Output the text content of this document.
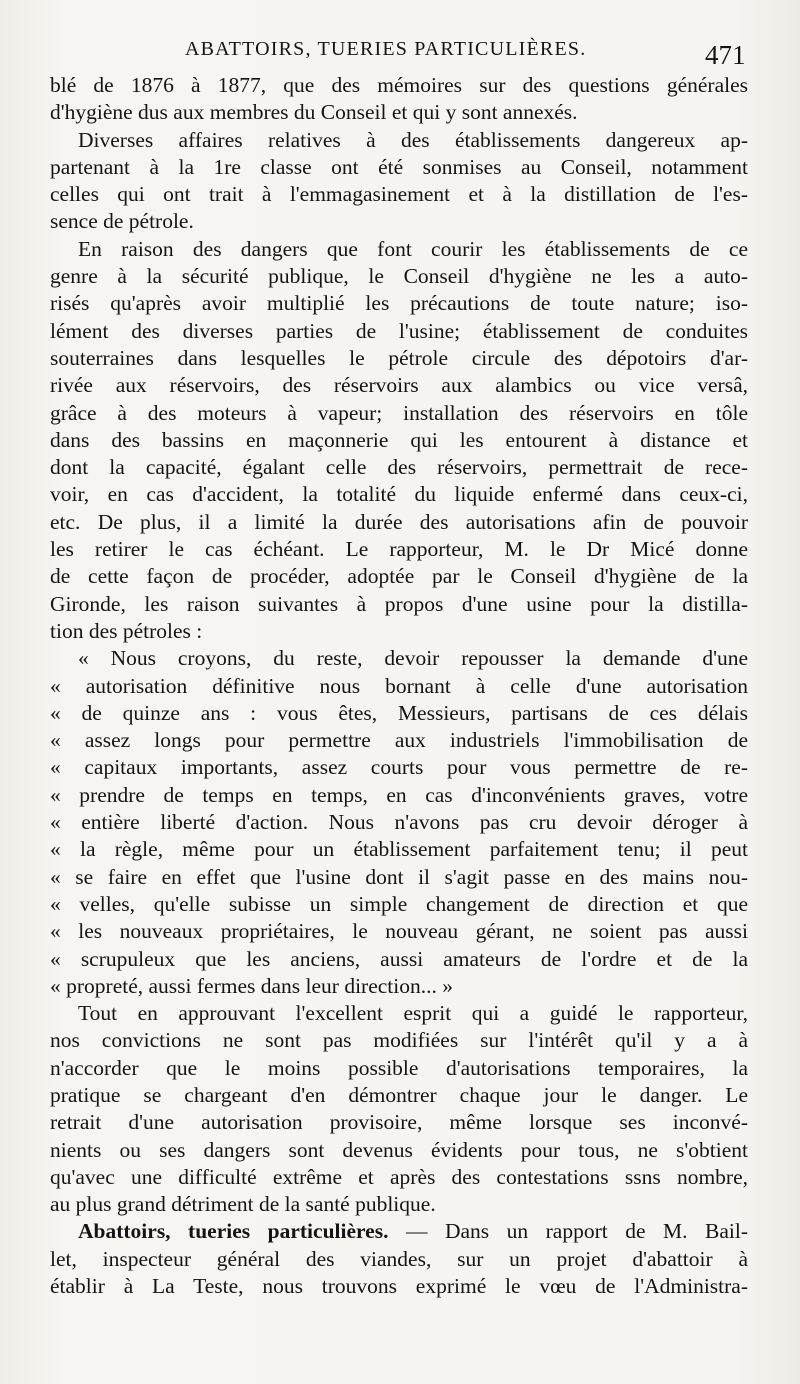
ABATTOIRS, TUERIES PARTICULIÈRES.	471
blé de 1876 à 1877, que des mémoires sur des questions générales
d'hygiène dus aux membres du Conseil et qui y sont annexés.
Diverses affaires relatives à des établissements dangereux ap-
partenant à la 1re classe ont été sonmises au Conseil, notamment
celles qui ont trait à l'emmagasinement et à la distillation de l'es-
sence de pétrole.
En raison des dangers que font courir les établissements de ce
genre à la sécurité publique, le Conseil d'hygiène ne les a auto-
risés qu'après avoir multiplié les précautions de toute nature; iso-
lément des diverses parties de l'usine; établissement de conduites
souterraines dans lesquelles le pétrole circule des dépotoirs d'ar-
rivée aux réservoirs, des réservoirs aux alambics ou vice versâ,
grâce à des moteurs à vapeur; installation des réservoirs en tôle
dans des bassins en maçonnerie qui les entourent à distance et
dont la capacité, égalant celle des réservoirs, permettrait de rece-
voir, en cas d'accident, la totalité du liquide enfermé dans ceux-ci,
etc. De plus, il a limité la durée des autorisations afin de pouvoir
les retirer le cas échéant. Le rapporteur, M. le Dr Micé donne
de cette façon de procéder, adoptée par le Conseil d'hygiène de la
Gironde, les raison suivantes à propos d'une usine pour la distilla-
tion des pétroles :
« Nous croyons, du reste, devoir repousser la demande d'une
« autorisation définitive nous bornant à celle d'une autorisation
« de quinze ans : vous êtes, Messieurs, partisans de ces délais
« assez longs pour permettre aux industriels l'immobilisation de
« capitaux importants, assez courts pour vous permettre de re-
« prendre de temps en temps, en cas d'inconvénients graves, votre
« entière liberté d'action. Nous n'avons pas cru devoir déroger à
« la règle, même pour un établissement parfaitement tenu; il peut
« se faire en effet que l'usine dont il s'agit passe en des mains nou-
« velles, qu'elle subisse un simple changement de direction et que
« les nouveaux propriétaires, le nouveau gérant, ne soient pas aussi
« scrupuleux que les anciens, aussi amateurs de l'ordre et de la
« propreté, aussi fermes dans leur direction... »
Tout en approuvant l'excellent esprit qui a guidé le rapporteur,
nos convictions ne sont pas modifiées sur l'intérêt qu'il y a à
n'accorder que le moins possible d'autorisations temporaires, la
pratique se chargeant d'en démontrer chaque jour le danger. Le
retrait d'une autorisation provisoire, même lorsque ses inconvé-
nients ou ses dangers sont devenus évidents pour tous, ne s'obtient
qu'avec une difficulté extrême et après des contestations ssns nombre,
au plus grand détriment de la santé publique.
Abattoirs, tueries particulières. — Dans un rapport de M. Bail-
let, inspecteur général des viandes, sur un projet d'abattoir à
établir à La Teste, nous trouvons exprimé le vœu de l'Administra-
